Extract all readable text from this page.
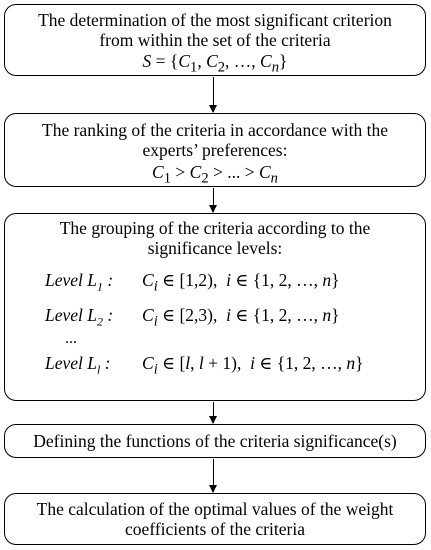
The determination of the most significant criterion
from within the set of the criteria
$S = \{C_1$, $C_2$, …, $C_n$}
The ranking of the criteria in accordance with the
experts’ preferences:
$C_1 > C_2$ > ... > $C_n$
The grouping of the criteria according to the
significance levels:
Level $L_1$ : $C_i$ ∈ [1,2),  i ∈ {1, 2, …, n}
Level $L_2$ : $C_i$ ∈ [2,3),  i ∈ {1, 2, …, n}
...
Level $L_l$ : $C_i$ ∈ [l, l + 1),  i ∈ {1, 2, …, n}
Defining the functions of the criteria significance(s)
The calculation of the optimal values of the weight
coefficients of the criteria
